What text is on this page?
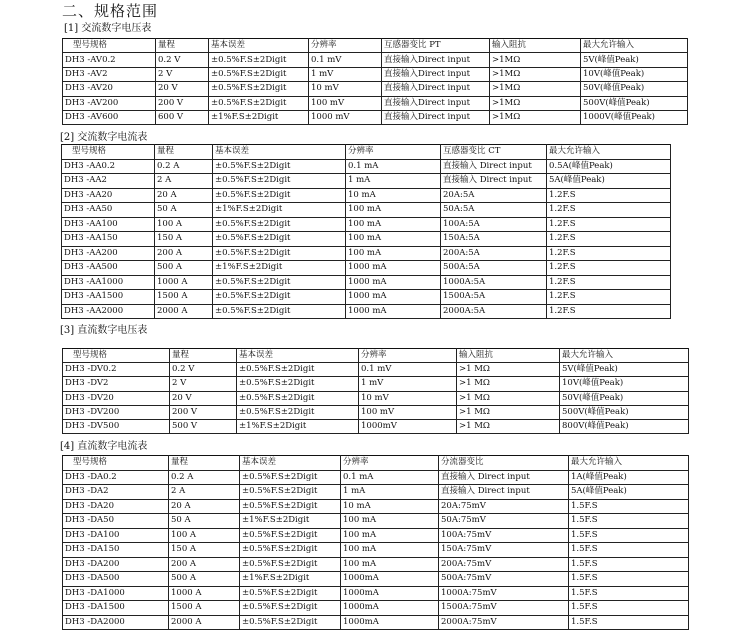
二、规格范围
[1] 交流数字电压表
型号规格	量程	基本误差	分辨率	互感器变比 PT	输入阻抗	最大允许输入
DH3 -AV0.2	0.2 V	±0.5%F.S±2Digit	0.1 mV	直接输入Direct input	>1MΩ	5V(峰值Peak)
DH3 -AV2	2 V	±0.5%F.S±2Digit	1 mV	直接输入Direct input	>1MΩ	10V(峰值Peak)
DH3 -AV20	20 V	±0.5%F.S±2Digit	10 mV	直接输入Direct input	>1MΩ	50V(峰值Peak)
DH3 -AV200	200 V	±0.5%F.S±2Digit	100 mV	直接输入Direct input	>1MΩ	500V(峰值Peak)
DH3 -AV600	600 V	±1%F.S±2Digit	1000 mV	直接输入Direct input	>1MΩ	1000V(峰值Peak)
[2] 交流数字电流表
型号规格	量程	基本误差	分辨率	互感器变比 CT	最大允许输入
DH3 -AA0.2	0.2 A	±0.5%F.S±2Digit	0.1 mA	直接输入 Direct input	0.5A(峰值Peak)
DH3 -AA2	2 A	±0.5%F.S±2Digit	1 mA	直接输入 Direct input	5A(峰值Peak)
DH3 -AA20	20 A	±0.5%F.S±2Digit	10 mA	20A:5A	1.2F.S
DH3 -AA50	50 A	±1%F.S±2Digit	100 mA	50A:5A	1.2F.S
DH3 -AA100	100 A	±0.5%F.S±2Digit	100 mA	100A:5A	1.2F.S
DH3 -AA150	150 A	±0.5%F.S±2Digit	100 mA	150A:5A	1.2F.S
DH3 -AA200	200 A	±0.5%F.S±2Digit	100 mA	200A:5A	1.2F.S
DH3 -AA500	500 A	±1%F.S±2Digit	1000 mA	500A:5A	1.2F.S
DH3 -AA1000	1000 A	±0.5%F.S±2Digit	1000 mA	1000A:5A	1.2F.S
DH3 -AA1500	1500 A	±0.5%F.S±2Digit	1000 mA	1500A:5A	1.2F.S
DH3 -AA2000	2000 A	±0.5%F.S±2Digit	1000 mA	2000A:5A	1.2F.S
[3] 直流数字电压表
型号规格	量程	基本误差	分辨率	输入阻抗	最大允许输入
DH3 -DV0.2	0.2 V	±0.5%F.S±2Digit	0.1 mV	>1 MΩ	5V(峰值Peak)
DH3 -DV2	2 V	±0.5%F.S±2Digit	1 mV	>1 MΩ	10V(峰值Peak)
DH3 -DV20	20 V	±0.5%F.S±2Digit	10 mV	>1 MΩ	50V(峰值Peak)
DH3 -DV200	200 V	±0.5%F.S±2Digit	100 mV	>1 MΩ	500V(峰值Peak)
DH3 -DV500	500 V	±1%F.S±2Digit	1000mV	>1 MΩ	800V(峰值Peak)
[4] 直流数字电流表
型号规格	量程	基本误差	分辨率	分流器变比	最大允许输入
DH3 -DA0.2	0.2 A	±0.5%F.S±2Digit	0.1 mA	直接输入 Direct input	1A(峰值Peak)
DH3 -DA2	2 A	±0.5%F.S±2Digit	1 mA	直接输入 Direct input	5A(峰值Peak)
DH3 -DA20	20 A	±0.5%F.S±2Digit	10 mA	20A:75mV	1.5F.S
DH3 -DA50	50 A	±1%F.S±2Digit	100 mA	50A:75mV	1.5F.S
DH3 -DA100	100 A	±0.5%F.S±2Digit	100 mA	100A:75mV	1.5F.S
DH3 -DA150	150 A	±0.5%F.S±2Digit	100 mA	150A:75mV	1.5F.S
DH3 -DA200	200 A	±0.5%F.S±2Digit	100 mA	200A:75mV	1.5F.S
DH3 -DA500	500 A	±1%F.S±2Digit	1000mA	500A:75mV	1.5F.S
DH3 -DA1000	1000 A	±0.5%F.S±2Digit	1000mA	1000A:75mV	1.5F.S
DH3 -DA1500	1500 A	±0.5%F.S±2Digit	1000mA	1500A:75mV	1.5F.S
DH3 -DA2000	2000 A	±0.5%F.S±2Digit	1000mA	2000A:75mV	1.5F.S
